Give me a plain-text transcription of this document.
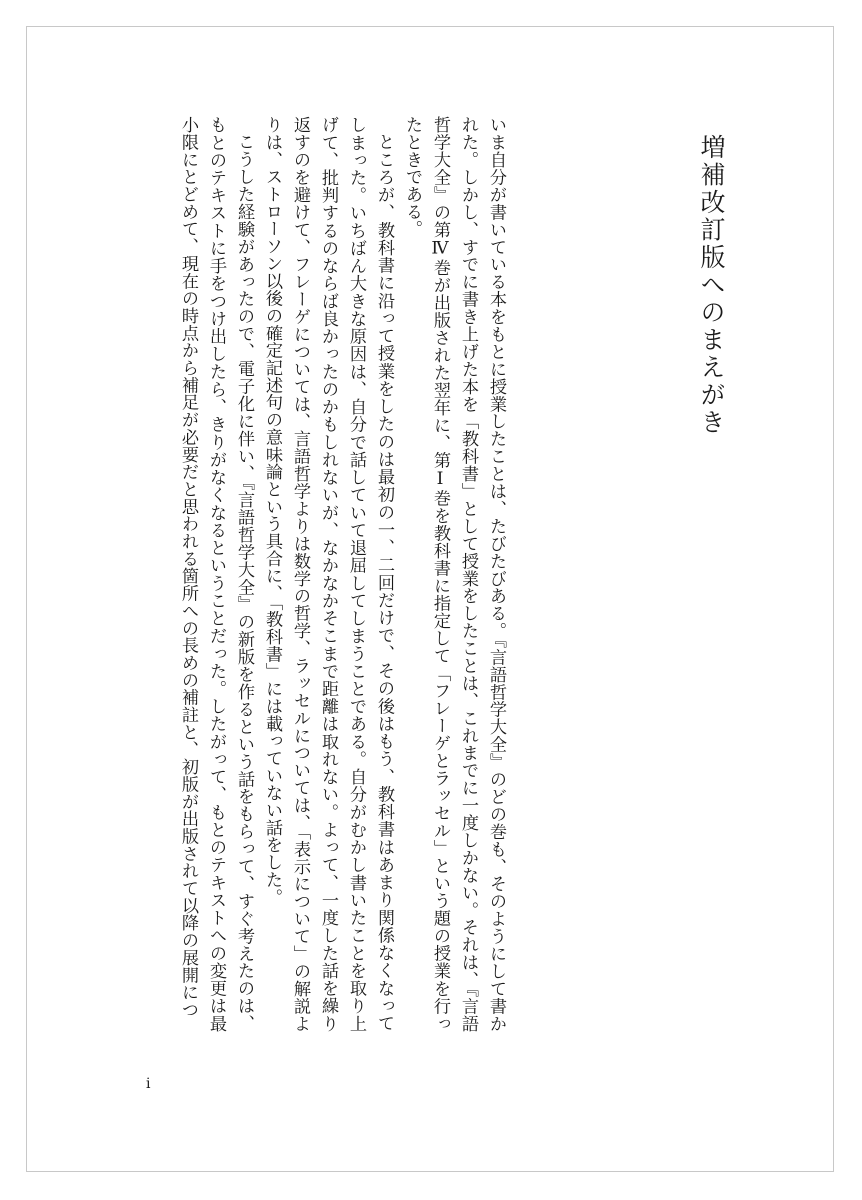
増補改訂版へのまえがき

いま自分が書いている本をもとに授業したことは、たびたびある。『言語哲学大全』のどの巻も、そのようにして書かれた。しかし、すでに書き上げた本を「教科書」として授業をしたことは、これまでに一度しかない。それは、『言語哲学大全』の第Ⅳ巻が出版された翌年に、第Ⅰ巻を教科書に指定して「フレーゲとラッセル」という題の授業を行ったときである。

ところが、教科書に沿って授業をしたのは最初の一、二回だけで、その後はもう、教科書はあまり関係なくなってしまった。いちばん大きな原因は、自分で話していて退屈してしまうことである。自分がむかし書いたことを取り上げて、批判するのならば良かったのかもしれないが、なかなかそこまで距離は取れない。よって、一度した話を繰り返すのを避けて、フレーゲについては、言語哲学よりは数学の哲学、ラッセルについては、「表示について」の解説よりは、ストローソン以後の確定記述句の意味論という具合に、「教科書」には載っていない話をした。

こうした経験があったので、電子化に伴い、『言語哲学大全』の新版を作るという話をもらって、すぐ考えたのは、もとのテキストに手をつけ出したら、きりがなくなるということだった。したがって、もとのテキストへの変更は最小限にとどめて、現在の時点から補足が必要だと思われる箇所への長めの補註と、初版が出版されて以降の展開につ

i
